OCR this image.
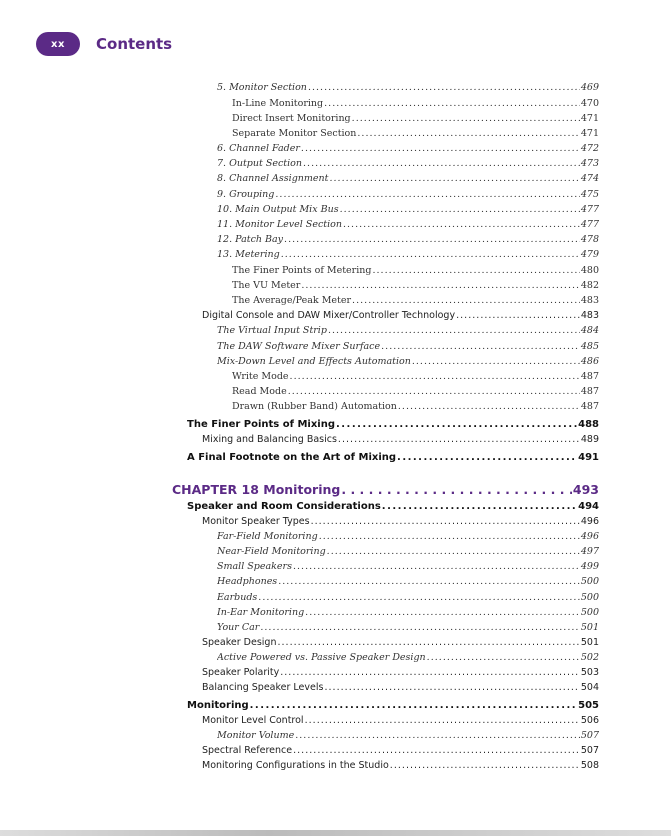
xx	Contents
5. Monitor Section . . .	469
In-Line Monitoring . . .	470
Direct Insert Monitoring . . .	471
Separate Monitor Section . . .	471
6. Channel Fader . . .	472
7. Output Section . . .	473
8. Channel Assignment . . .	474
9. Grouping . . .	475
10. Main Output Mix Bus . . .	477
11. Monitor Level Section . . .	477
12. Patch Bay . . .	478
13. Metering . . .	479
The Finer Points of Metering . . .	480
The VU Meter . . .	482
The Average/Peak Meter . . .	483
Digital Console and DAW Mixer/Controller Technology . . .	483
The Virtual Input Strip . . .	484
The DAW Software Mixer Surface . . .	485
Mix-Down Level and Effects Automation . . .	486
Write Mode . . .	487
Read Mode . . .	487
Drawn (Rubber Band) Automation . . .	487
The Finer Points of Mixing . . .	488
Mixing and Balancing Basics . . .	489
A Final Footnote on the Art of Mixing . . .	491
CHAPTER 18 Monitoring . . .	493
Speaker and Room Considerations . . .	494
Monitor Speaker Types . . .	496
Far-Field Monitoring . . .	496
Near-Field Monitoring . . .	497
Small Speakers . . .	499
Headphones . . .	500
Earbuds . . .	500
In-Ear Monitoring . . .	500
Your Car . . .	501
Speaker Design . . .	501
Active Powered vs. Passive Speaker Design . . .	502
Speaker Polarity . . .	503
Balancing Speaker Levels . . .	504
Monitoring . . .	505
Monitor Level Control . . .	506
Monitor Volume . . .	507
Spectral Reference . . .	507
Monitoring Configurations in the Studio . . .	508
